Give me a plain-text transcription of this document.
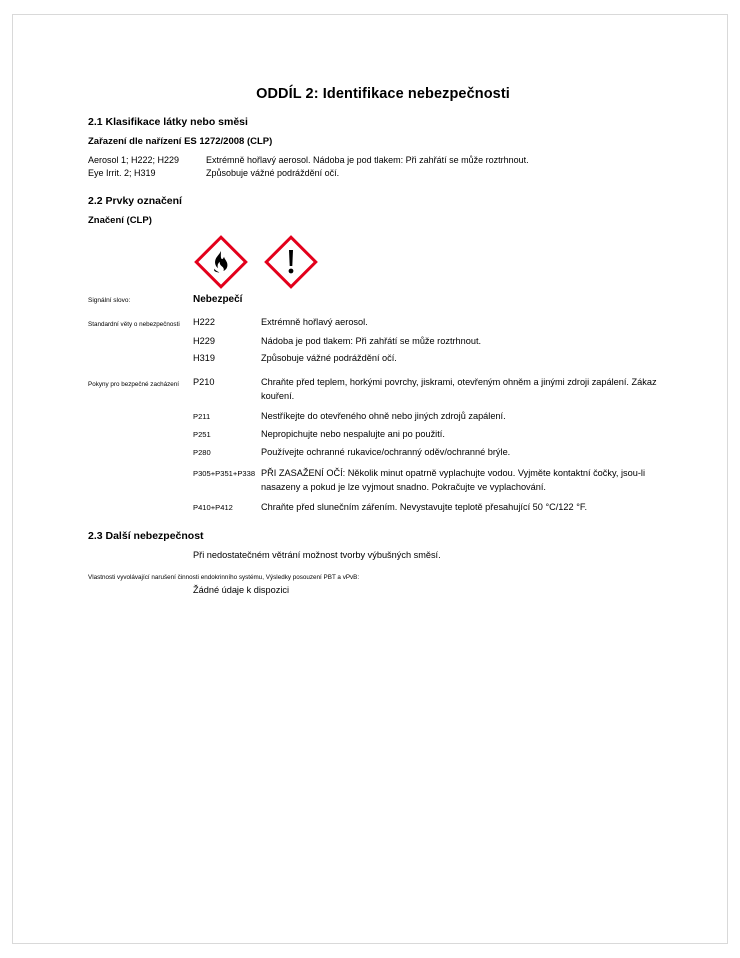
ODDÍL 2: Identifikace nebezpečnosti
2.1 Klasifikace látky nebo směsi
Zařazení dle nařízení ES 1272/2008 (CLP)
Aerosol 1; H222; H229	Extrémně hořlavý aerosol. Nádoba je pod tlakem: Při zahřátí se může roztrhnout.
Eye Irrit. 2; H319	Způsobuje vážné podráždění očí.
2.2 Prvky označení
Značení (CLP)
Signální slovo:	Nebezpečí
Standardní věty o nebezpečnosti	H222	Extrémně hořlavý aerosol.
H229	Nádoba je pod tlakem: Při zahřátí se může roztrhnout.
H319	Způsobuje vážné podráždění očí.
Pokyny pro bezpečné zacházení	P210	Chraňte před teplem, horkými povrchy, jiskrami, otevřeným ohněm a jinými zdroji zapálení. Zákaz kouření.
P211	Nestříkejte do otevřeného ohně nebo jiných zdrojů zapálení.
P251	Nepropichujte nebo nespalujte ani po použití.
P280	Používejte ochranné rukavice/ochranný oděv/ochranné brýle.
P305+P351+P338 PŘI ZASAŽENÍ OČÍ: Několik minut opatrně vyplachujte vodou. Vyjměte kontaktní čočky, jsou-li nasazeny a pokud je lze vyjmout snadno. Pokračujte ve vyplachování.
P410+P412	Chraňte před slunečním zářením. Nevystavujte teplotě přesahující 50 °C/122 °F.
2.3 Další nebezpečnost
Při nedostatečném větrání možnost tvorby výbušných směsí.
Vlastnosti vyvolávající narušení činnosti endokrinního systému, Výsledky posouzení PBT a vPvB:
Žádné údaje k dispozici
